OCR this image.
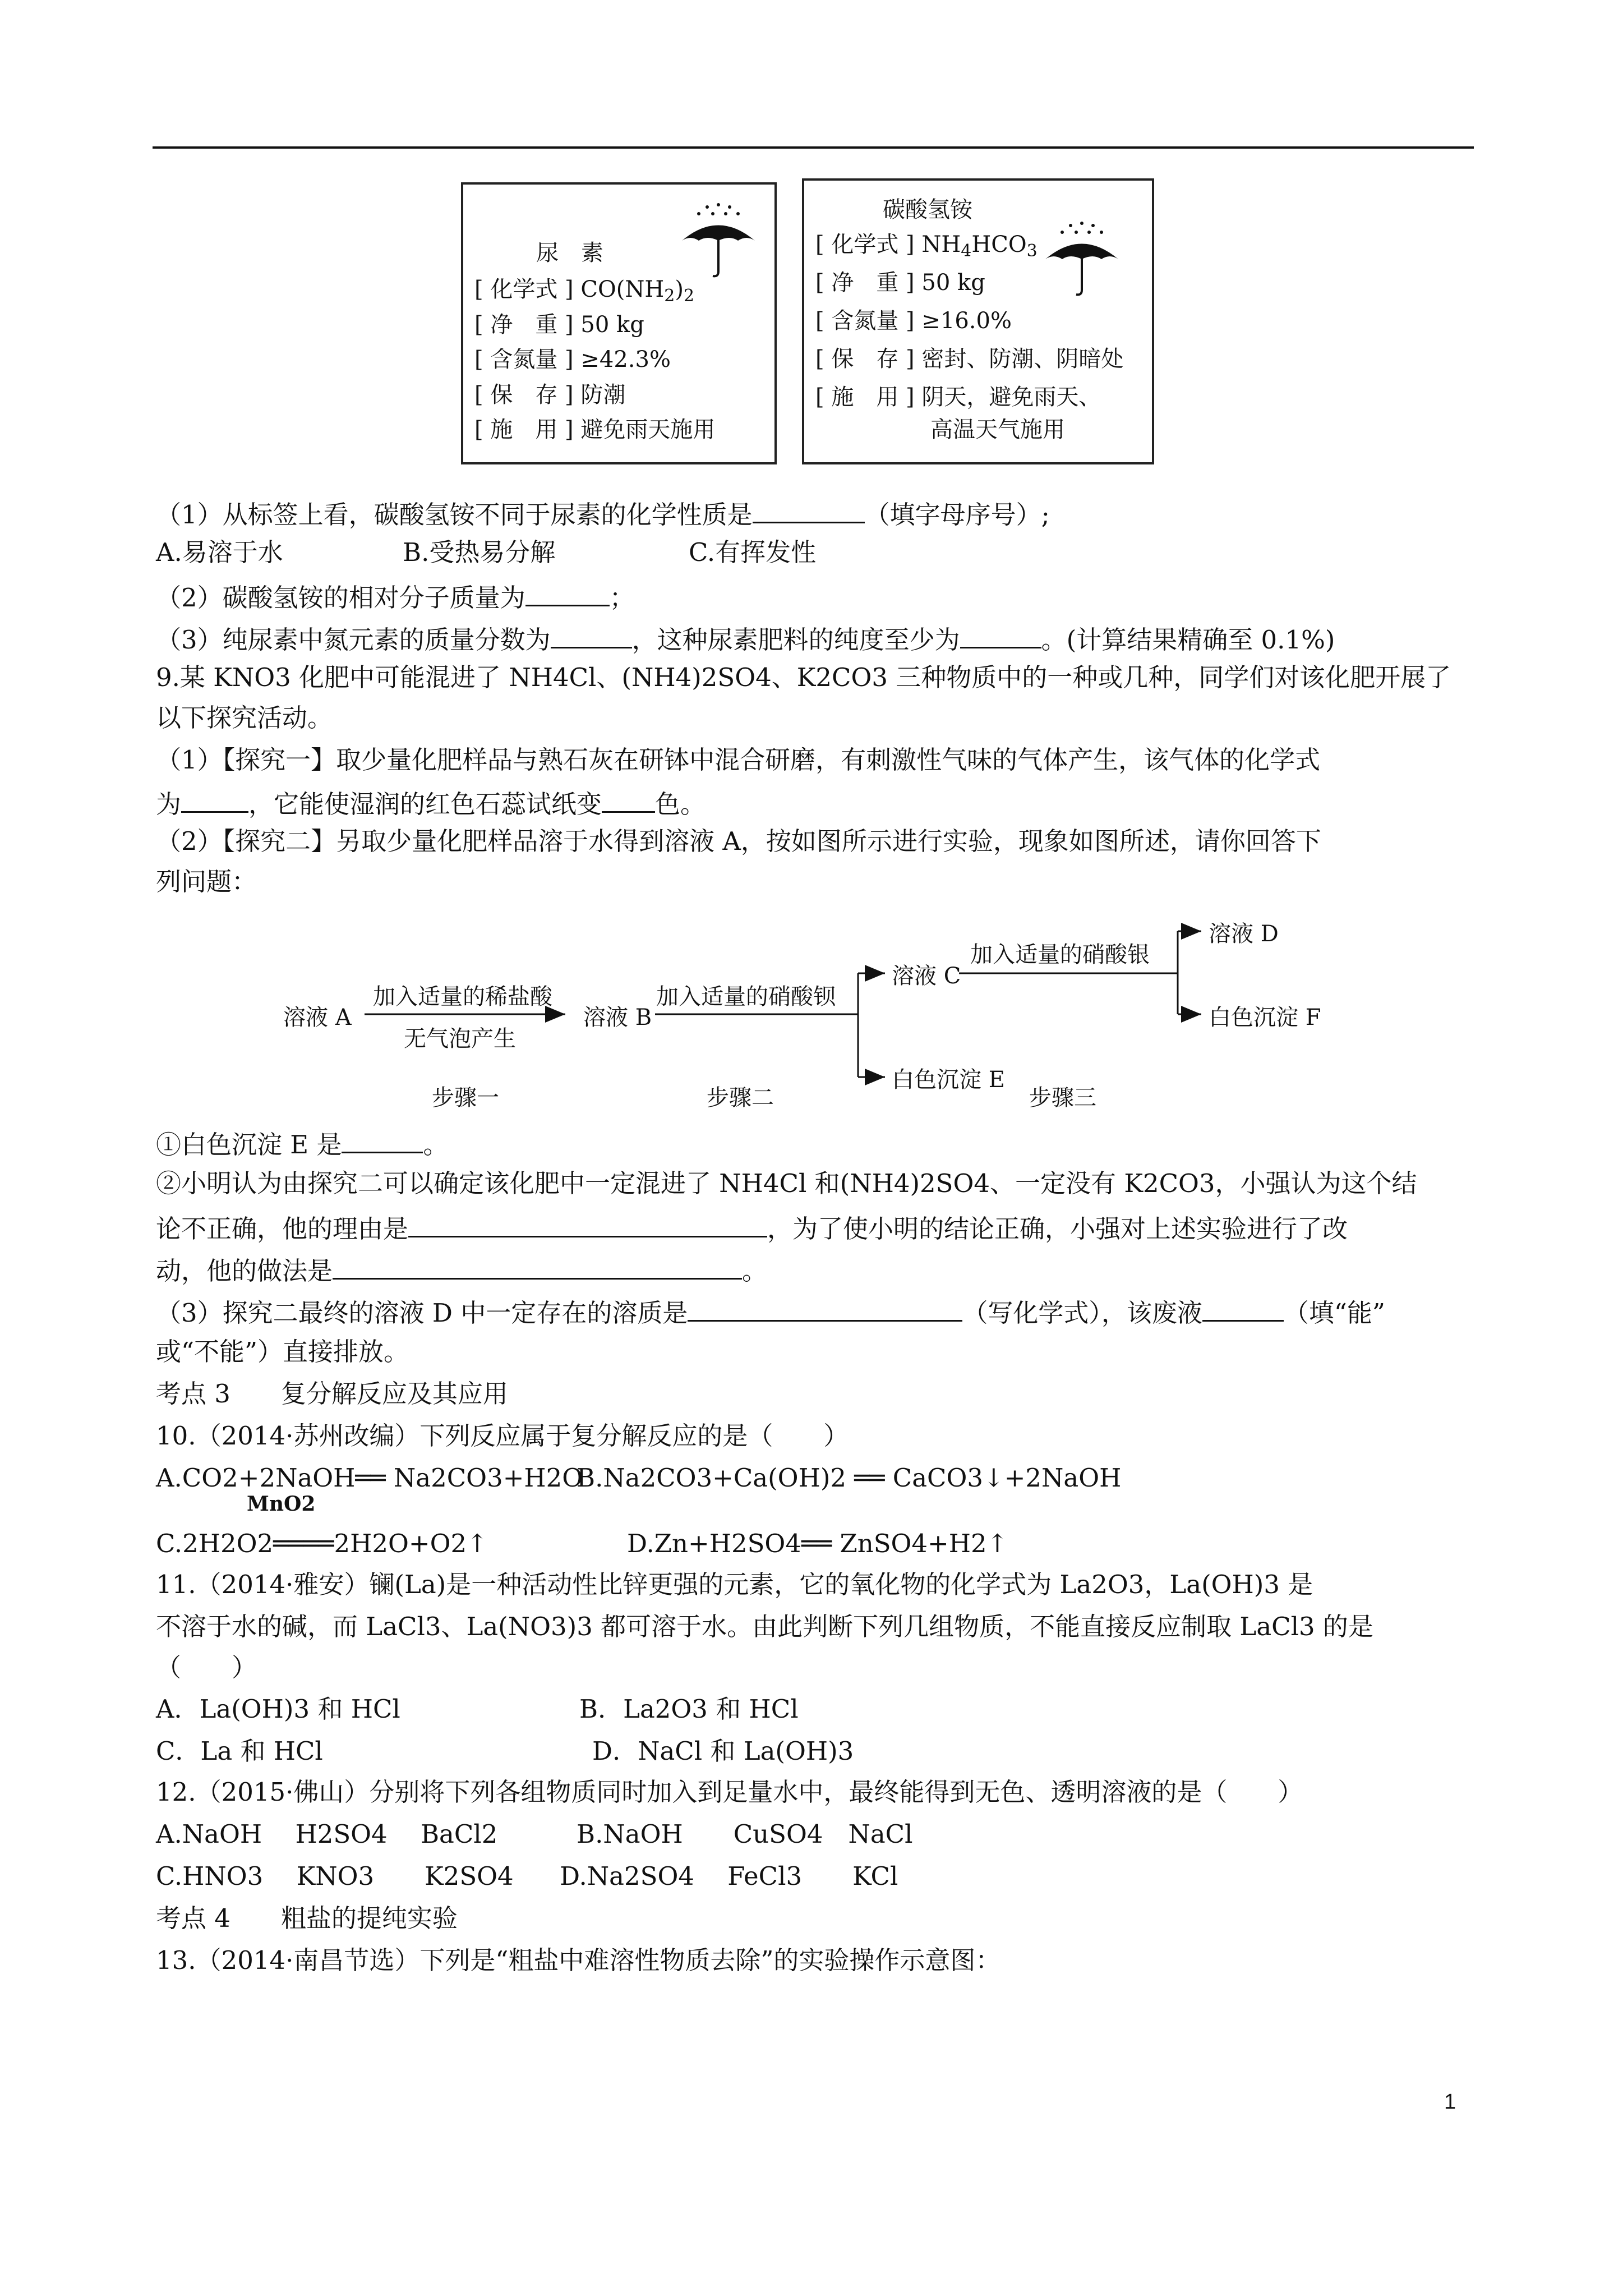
尿　素
[ 化学式 ] $CO(NH_2)_2$
[ 净　重 ] 50 kg
[ 含氮量 ] ≥42.3%
[ 保　存 ] 防潮
[ 施　用 ] 避免雨天施用
碳酸氢铵
[ 化学式 ] $NH_4HCO_3$
[ 净　重 ] 50 kg
[ 含氮量 ] ≥16.0%
[ 保　存 ] 密封、防潮、阴暗处
[ 施　用 ] 阴天，避免雨天、
高温天气施用
（1）从标签上看，碳酸氢铵不同于尿素的化学性质是	（填字母序号）;
A.易溶于水	B.受热易分解	C.有挥发性
（2）碳酸氢铵的相对分子质量为	；
（3）纯尿素中氮元素的质量分数为	，这种尿素肥料的纯度至少为	。(计算结果精确至 0.1%)
9.某 KNO3 化肥中可能混进了 NH4Cl、(NH4)2SO4、K2CO3 三种物质中的一种或几种，同学们对该化肥开展了
以下探究活动。
（1）【探究一】取少量化肥样品与熟石灰在研钵中混合研磨，有刺激性气味的气体产生，该气体的化学式
为	，它能使湿润的红色石蕊试纸变 色。
（2）【探究二】另取少量化肥样品溶于水得到溶液 A，按如图所示进行实验，现象如图所述，请你回答下
列问题：
溶液 A
加入适量的稀盐酸
无气泡产生
溶液 B
加入适量的硝酸钡
溶液 C
白色沉淀 E
加入适量的硝酸银
溶液 D
白色沉淀 F
步骤一	步骤二	步骤三
①白色沉淀 E 是	。
②小明认为由探究二可以确定该化肥中一定混进了 NH4Cl 和(NH4)2SO4、一定没有 K2CO3，小强认为这个结
论不正确，他的理由是	，为了使小明的结论正确，小强对上述实验进行了改
动，他的做法是	。
（3）探究二最终的溶液 D 中一定存在的溶质是	（写化学式），该废液	（填“能”
或“不能”）直接排放。
考点 3　　复分解反应及其应用
10.（2014·苏州改编）下列反应属于复分解反应的是（　　）
A.CO2+2NaOH══ Na2CO3+H2O
B.Na2CO3+Ca(OH)2 ══ CaCO3↓+2NaOH
MnO2
C.2H2O2════2H2O+O2↑	D.Zn+H2SO4══ ZnSO4+H2↑
11.（2014·雅安）镧(La)是一种活动性比锌更强的元素，它的氧化物的化学式为 La2O3，La(OH)3 是
不溶于水的碱，而 LaCl3、La(NO3)3 都可溶于水。由此判断下列几组物质，不能直接反应制取 LaCl3 的是
（　　）
A．La(OH)3 和 HCl	B．La2O3 和 HCl
C．La 和 HCl	D．NaCl 和 La(OH)3
12.（2015·佛山）分别将下列各组物质同时加入到足量水中，最终能得到无色、透明溶液的是（　　）
A.NaOH　 H2SO4　 BaCl2	B.NaOH　　CuSO4　NaCl
C.HNO3　 KNO3　　K2SO4 D.Na2SO4　 FeCl3　　KCl
考点 4　　粗盐的提纯实验
13.（2014·南昌节选）下列是“粗盐中难溶性物质去除”的实验操作示意图：
1
